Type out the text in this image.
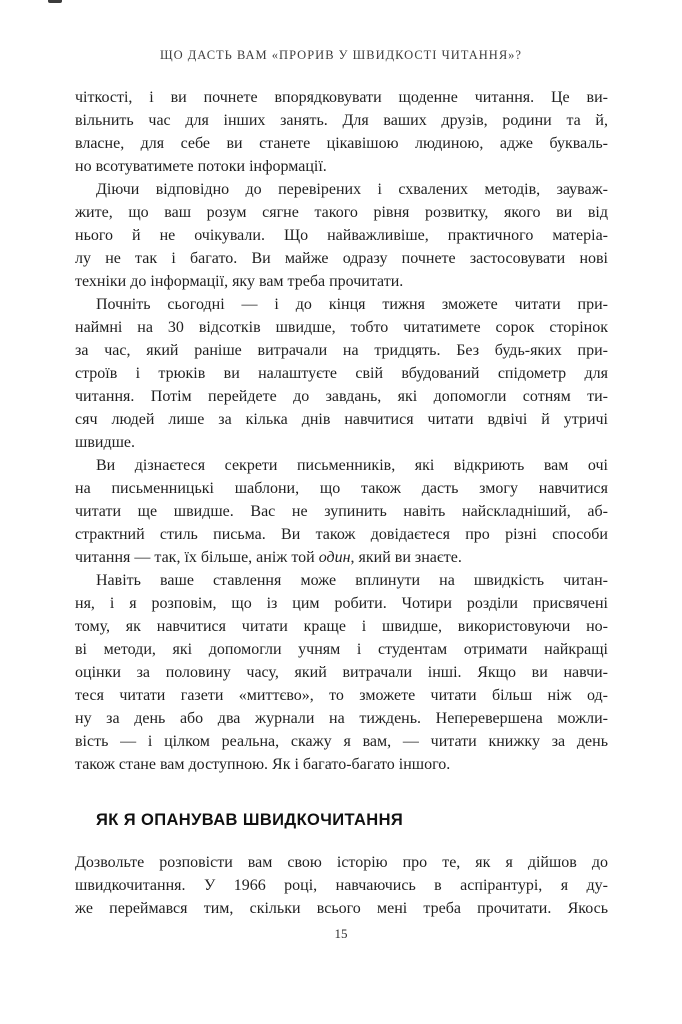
ЩО ДАСТЬ ВАМ «ПРОРИВ У ШВИДКОСТІ ЧИТАННЯ»?
чіткості, і ви почнете впорядковувати щоденне читання. Це ви-
вільнить час для інших занять. Для ваших друзів, родини та й,
власне, для себе ви станете цікавішою людиною, адже букваль-
но всотуватимете потоки інформації.
Діючи відповідно до перевірених і схвалених методів, зауваж-
жите, що ваш розум сягне такого рівня розвитку, якого ви від
нього й не очікували. Що найважливіше, практичного матеріа-
лу не так і багато. Ви майже одразу почнете застосовувати нові
техніки до інформації, яку вам треба прочитати.
Почніть сьогодні — і до кінця тижня зможете читати при-
наймні на 30 відсотків швидше, тобто читатимете сорок сторінок
за час, який раніше витрачали на тридцять. Без будь-яких при-
строїв і трюків ви налаштуєте свій вбудований спідометр для
читання. Потім перейдете до завдань, які допомогли сотням ти-
сяч людей лише за кілька днів навчитися читати вдвічі й утричі
швидше.
Ви дізнаєтеся секрети письменників, які відкриють вам очі
на письменницькі шаблони, що також дасть змогу навчитися
читати ще швидше. Вас не зупинить навіть найскладніший, аб-
страктний стиль письма. Ви також довідаєтеся про різні способи
читання — так, їх більше, аніж той один, який ви знаєте.
Навіть ваше ставлення може вплинути на швидкість читан-
ня, і я розповім, що із цим робити. Чотири розділи присвячені
тому, як навчитися читати краще і швидше, використовуючи но-
ві методи, які допомогли учням і студентам отримати найкращі
оцінки за половину часу, який витрачали інші. Якщо ви навчи-
теся читати газети «миттєво», то зможете читати більш ніж од-
ну за день або два журнали на тиждень. Неперевершена можли-
вість — і цілком реальна, скажу я вам, — читати книжку за день
також стане вам доступною. Як і багато-багато іншого.
ЯК Я ОПАНУВАВ ШВИДКОЧИТАННЯ
Дозвольте розповісти вам свою історію про те, як я дійшов до
швидкочитання. У 1966 році, навчаючись в аспірантурі, я ду-
же переймався тим, скільки всього мені треба прочитати. Якось
15
